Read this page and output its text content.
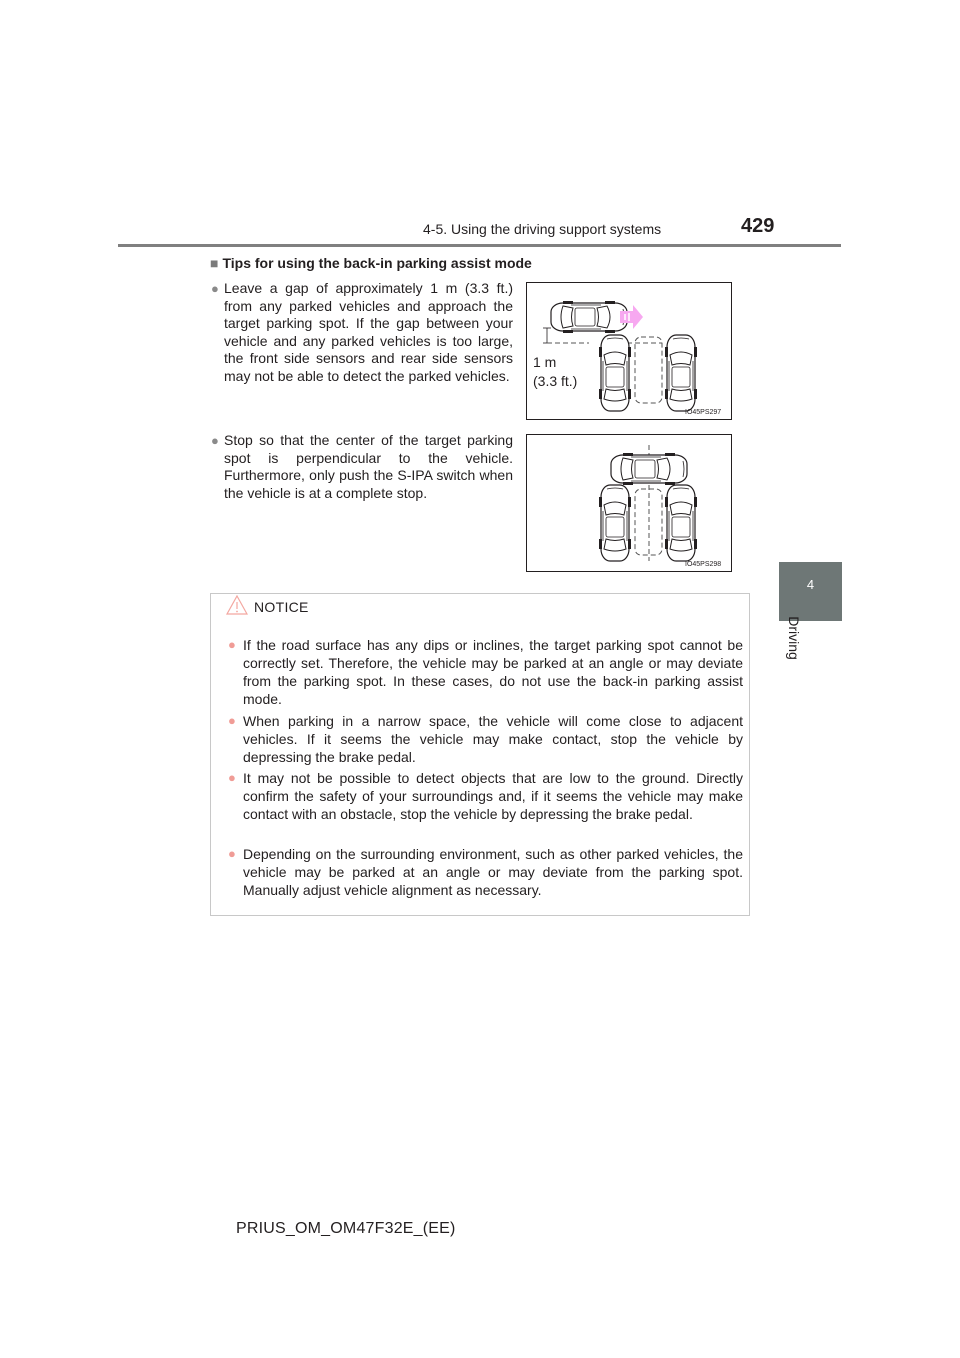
4-5. Using the driving support systems	429
4
Driving
■ Tips for using the back-in parking assist mode
● Leave a gap of approximately 1 m (3.3 ft.) from any parked vehicles and approach the target parking spot. If the gap between your vehicle and any parked vehicles is too large, the front side sensors and rear side sensors may not be able to detect the parked vehicles.
● Stop so that the center of the target parking spot is perpendicular to the vehicle. Furthermore, only push the S-IPA switch when the vehicle is at a complete stop.
1 m
(3.3 ft.)
IO45PS297
IO45PS298
NOTICE
● If the road surface has any dips or inclines, the target parking spot cannot be correctly set. Therefore, the vehicle may be parked at an angle or may deviate from the parking spot. In these cases, do not use the back-in parking assist mode.
● When parking in a narrow space, the vehicle will come close to adjacent vehicles. If it seems the vehicle may make contact, stop the vehicle by depressing the brake pedal.
● It may not be possible to detect objects that are low to the ground. Directly confirm the safety of your surroundings and, if it seems the vehicle may make contact with an obstacle, stop the vehicle by depressing the brake pedal.
● Depending on the surrounding environment, such as other parked vehicles, the vehicle may be parked at an angle or may deviate from the parking spot. Manually adjust vehicle alignment as necessary.
PRIUS_OM_OM47F32E_(EE)
